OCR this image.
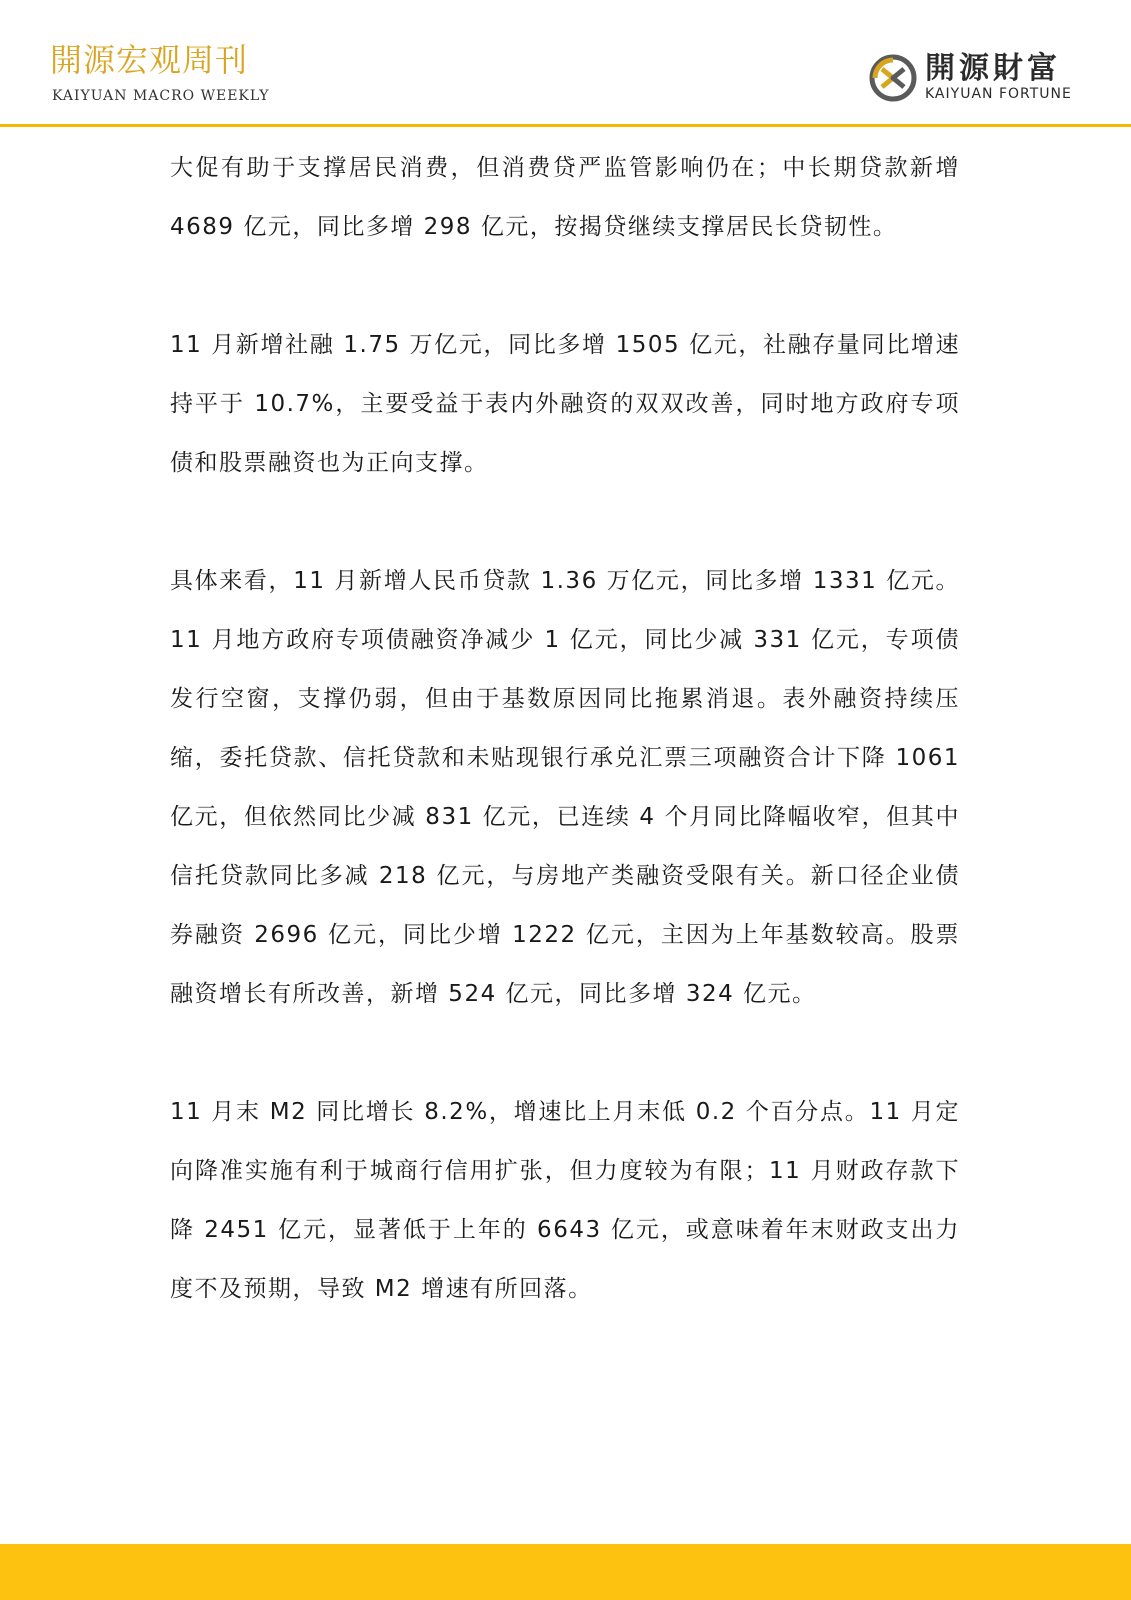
開源宏观周刊
KAIYUAN MACRO WEEKLY
開源財富
KAIYUAN FORTUNE

大促有助于支撑居民消费，但消费贷严监管影响仍在；中长期贷款新增 4689 亿元，同比多增 298 亿元，按揭贷继续支撑居民长贷韧性。

11 月新增社融 1.75 万亿元，同比多增 1505 亿元，社融存量同比增速持平于 10.7%，主要受益于表内外融资的双双改善，同时地方政府专项债和股票融资也为正向支撑。

具体来看，11 月新增人民币贷款 1.36 万亿元，同比多增 1331 亿元。11 月地方政府专项债融资净减少 1 亿元，同比少减 331 亿元，专项债发行空窗，支撑仍弱，但由于基数原因同比拖累消退。表外融资持续压缩，委托贷款、信托贷款和未贴现银行承兑汇票三项融资合计下降 1061 亿元，但依然同比少减 831 亿元，已连续 4 个月同比降幅收窄，但其中信托贷款同比多减 218 亿元，与房地产类融资受限有关。新口径企业债券融资 2696 亿元，同比少增 1222 亿元，主因为上年基数较高。股票融资增长有所改善，新增 524 亿元，同比多增 324 亿元。

11 月末 M2 同比增长 8.2%，增速比上月末低 0.2 个百分点。11 月定向降准实施有利于城商行信用扩张，但力度较为有限；11 月财政存款下降 2451 亿元，显著低于上年的 6643 亿元，或意味着年末财政支出力度不及预期，导致 M2 增速有所回落。
